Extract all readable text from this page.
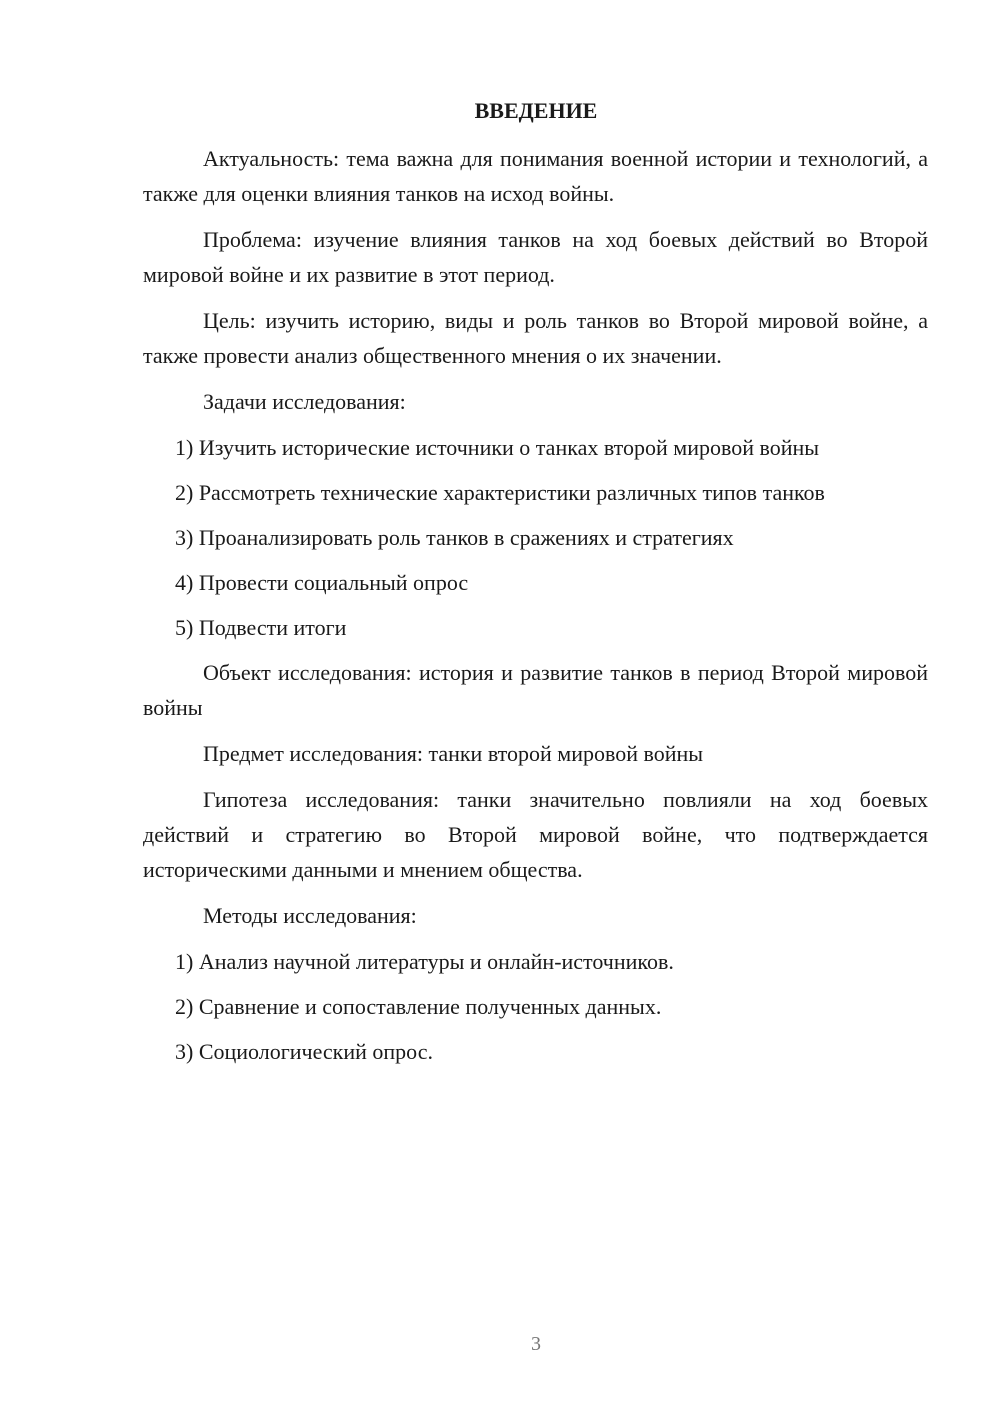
ВВЕДЕНИЕ

Актуальность: тема важна для понимания военной истории и технологий, а также для оценки влияния танков на исход войны.

Проблема: изучение влияния танков на ход боевых действий во Второй мировой войне и их развитие в этот период.

Цель: изучить историю, виды и роль танков во Второй мировой войне, а также провести анализ общественного мнения о их значении.

Задачи исследования:

1) Изучить исторические источники о танках второй мировой войны
2) Рассмотреть технические характеристики различных типов танков
3) Проанализировать роль танков в сражениях и стратегиях
4) Провести социальный опрос
5) Подвести итоги

Объект исследования: история и развитие танков в период Второй мировой войны

Предмет исследования: танки второй мировой войны

Гипотеза исследования: танки значительно повлияли на ход боевых действий и стратегию во Второй мировой войне, что подтверждается историческими данными и мнением общества.

Методы исследования:

1) Анализ научной литературы и онлайн-источников.
2) Сравнение и сопоставление полученных данных.
3) Социологический опрос.
3
